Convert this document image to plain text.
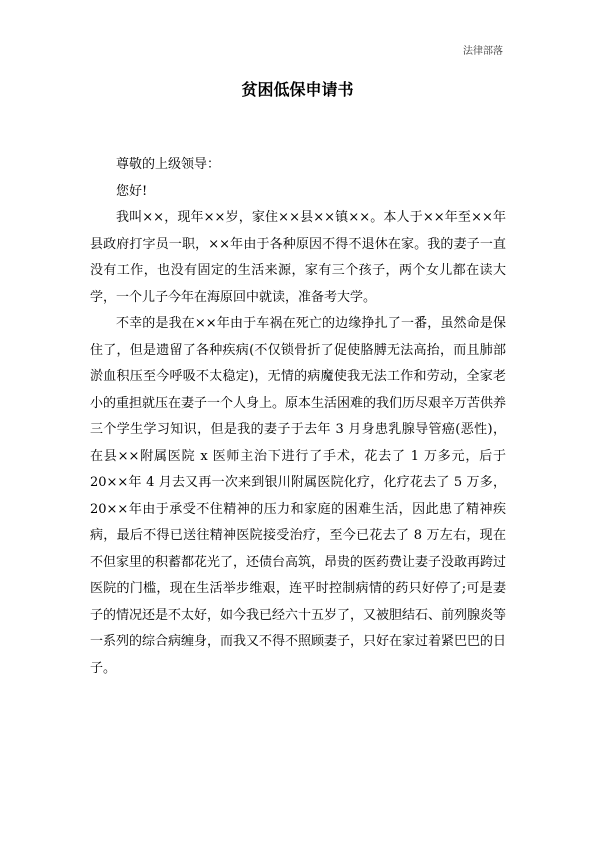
法律部落
贫困低保申请书

尊敬的上级领导：

您好!

我叫××，现年××岁，家住××县××镇××。本人于××年至××年县政府打字员一职，××年由于各种原因不得不退休在家。我的妻子一直没有工作，也没有固定的生活来源，家有三个孩子，两个女儿都在读大学，一个儿子今年在海原回中就读，准备考大学。

不幸的是我在××年由于车祸在死亡的边缘挣扎了一番，虽然命是保住了，但是遗留了各种疾病(不仅锁骨折了促使胳膊无法高抬，而且肺部淤血积压至今呼吸不太稳定)，无情的病魔使我无法工作和劳动，全家老小的重担就压在妻子一个人身上。原本生活困难的我们历尽艰辛万苦供养三个学生学习知识，但是我的妻子于去年 3 月身患乳腺导管癌(恶性)，在县××附属医院 x 医师主治下进行了手术，花去了 1 万多元，后于 20××年 4 月去又再一次来到银川附属医院化疗，化疗花去了 5 万多，20××年由于承受不住精神的压力和家庭的困难生活，因此患了精神疾病，最后不得已送往精神医院接受治疗，至今已花去了 8 万左右，现在不但家里的积蓄都花光了，还债台高筑，昂贵的医药费让妻子没敢再跨过医院的门槛，现在生活举步维艰，连平时控制病情的药只好停了;可是妻子的情况还是不太好，如今我已经六十五岁了，又被胆结石、前列腺炎等一系列的综合病缠身，而我又不得不照顾妻子，只好在家过着紧巴巴的日子。
